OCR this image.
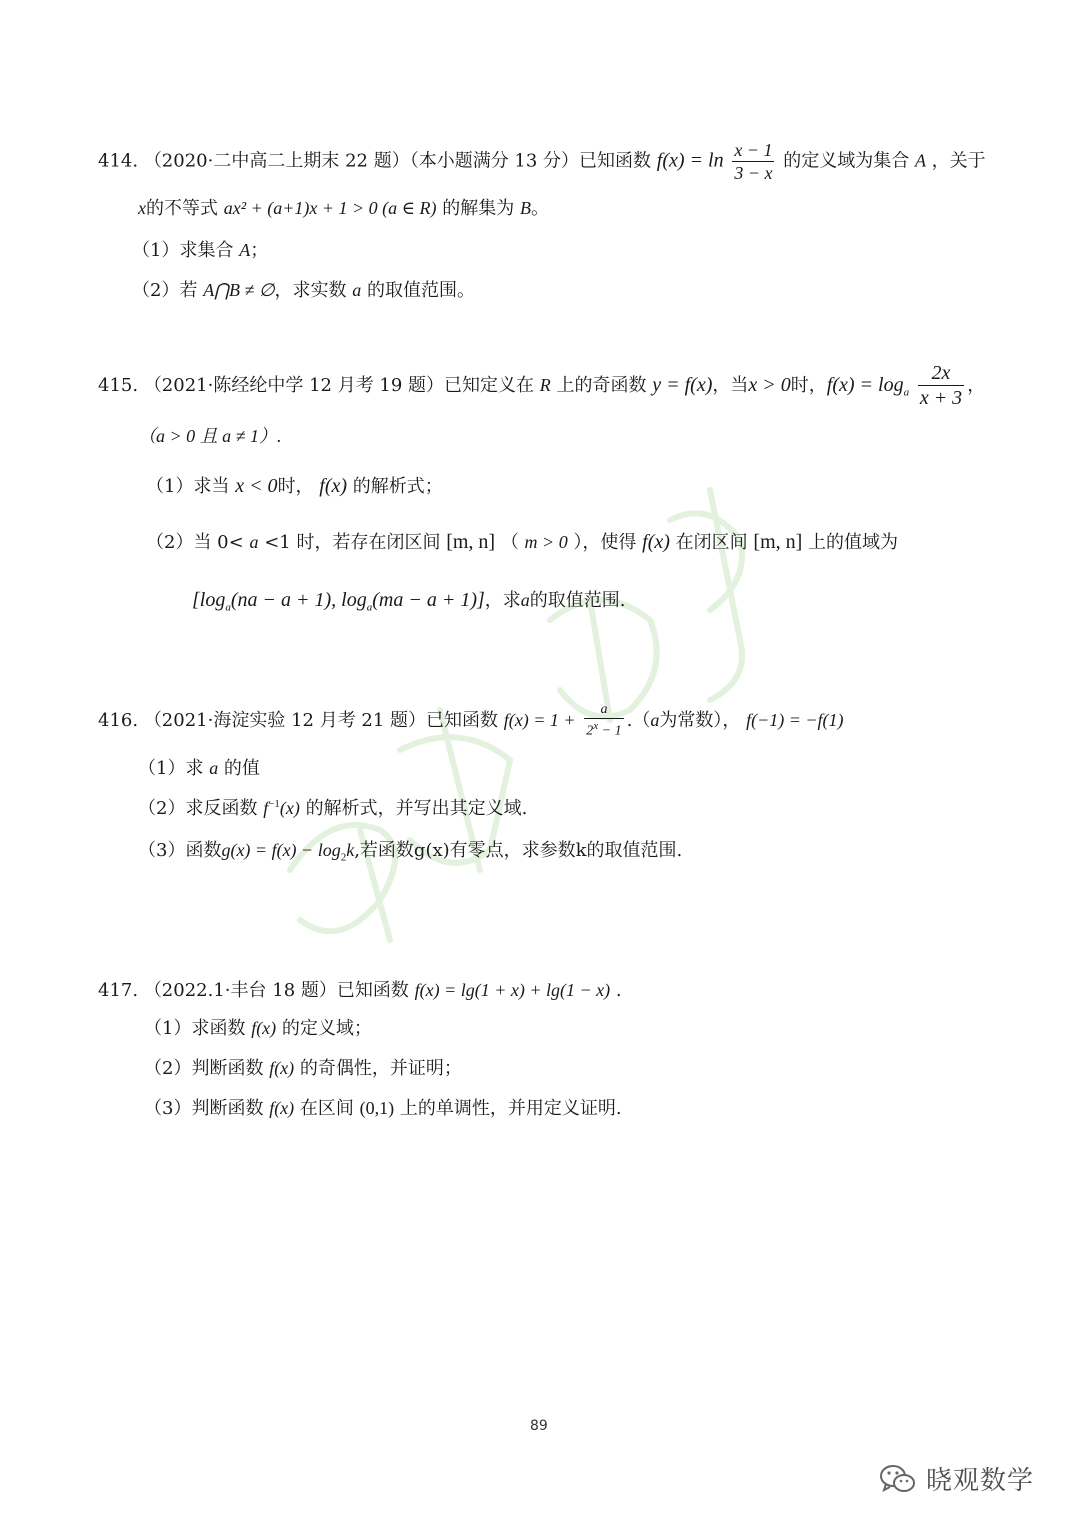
晓观数学
414. （2020·二中高二上期末 22 题）（本小题满分 13 分）已知函数 $f(x) = \ln \frac{x - 1}{3 - x}$ 的定义域为集合 A ，关于
x的不等式 ax² + (a+1)x + 1 > 0 (a ∈ R) 的解集为 B。
（1）求集合 A；
（2）若 A⋂B ≠ ∅，求实数 a 的取值范围。
415. （2021·陈经纶中学 12 月考 19 题）已知定义在 R 上的奇函数 y = f(x)，当x > 0时，$f(x) = \log_a \frac{2x}{x + 3}$ ，
（a > 0 且 a ≠ 1）.
（1）求当 x < 0时， f(x) 的解析式；
（2）当 0< a <1 时，若存在闭区间 [m, n] （ m > 0 ），使得 f(x) 在闭区间 [m, n] 上的值域为
[$\log_a(na - a + 1)$, $\log_a(ma - a + 1)$]，求a的取值范围.
416. （2021·海淀实验 12 月考 21 题）已知函数 $f(x) = 1 + \frac{a}{2^x - 1} .(a$为常数）， f(−1) = −f(1)
（1）求 a 的值
（2）求反函数 $f^{-1}(x)$ 的解析式，并写出其定义域.
（3）函数$g(x) = f(x) - \log_2k$,若函数g(x)有零点，求参数k的取值范围.
417. （2022.1·丰台 18 题）已知函数 f(x) = lg(1 + x) + lg(1 − x) .
（1）求函数 f(x) 的定义域；
（2）判断函数 f(x) 的奇偶性，并证明；
（3）判断函数 f(x) 在区间 (0,1) 上的单调性，并用定义证明.
89
晓观数学
